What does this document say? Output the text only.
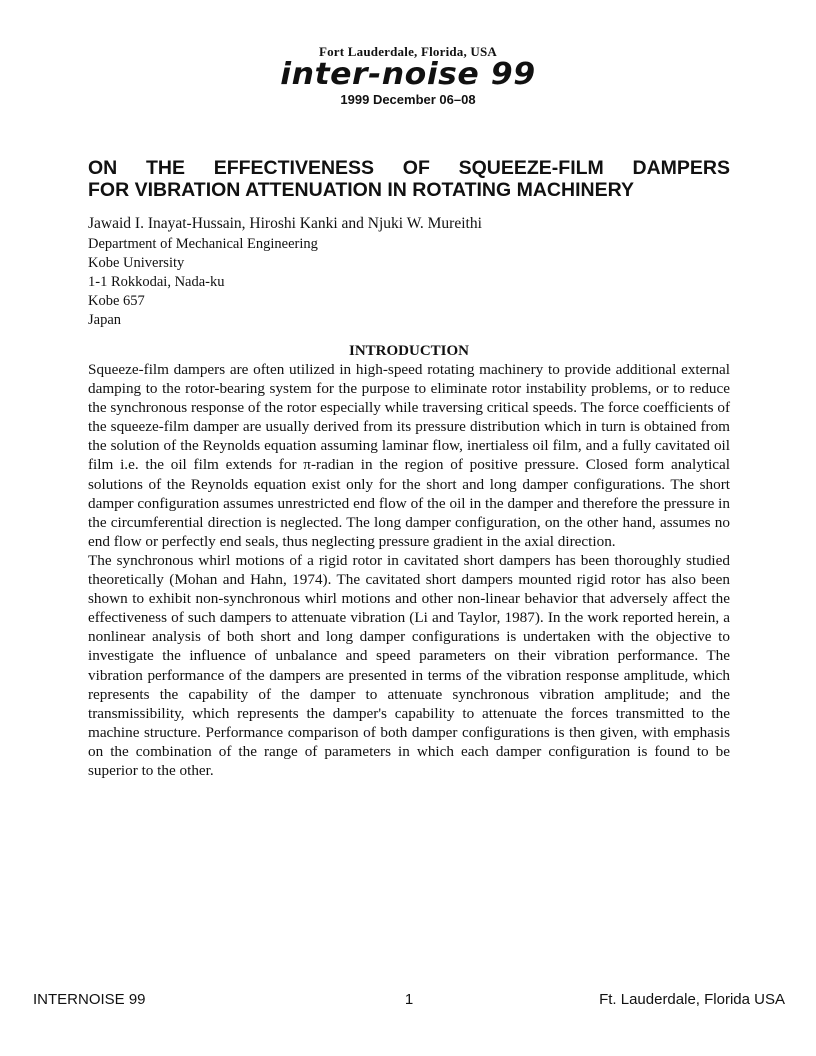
Fort Lauderdale, Florida, USA
inter-noise 99
1999 December 06–08
ON THE EFFECTIVENESS OF SQUEEZE-FILM DAMPERS
FOR VIBRATION ATTENUATION IN ROTATING MACHINERY
Jawaid I. Inayat-Hussain, Hiroshi Kanki and Njuki W. Mureithi
Department of Mechanical Engineering
Kobe University
1-1 Rokkodai, Nada-ku
Kobe 657
Japan
INTRODUCTION

Squeeze-film dampers are often utilized in high-speed rotating machinery to provide additional external damping to the rotor-bearing system for the purpose to eliminate rotor instability problems, or to reduce the synchronous response of the rotor especially while traversing critical speeds. The force coefficients of the squeeze-film damper are usually derived from its pressure distribution which in turn is obtained from the solution of the Reynolds equation assuming laminar flow, inertialess oil film, and a fully cavitated oil film i.e. the oil film extends for π-radian in the region of positive pressure. Closed form analytical solutions of the Reynolds equation exist only for the short and long damper configurations. The short damper configuration assumes unrestricted end flow of the oil in the damper and therefore the pressure in the circumferential direction is neglected. The long damper configuration, on the other hand, assumes no end flow or perfectly end seals, thus neglecting pressure gradient in the axial direction.

The synchronous whirl motions of a rigid rotor in cavitated short dampers has been thoroughly studied theoretically (Mohan and Hahn, 1974). The cavitated short dampers mounted rigid rotor has also been shown to exhibit non-synchronous whirl motions and other non-linear behavior that adversely affect the effectiveness of such dampers to attenuate vibration (Li and Taylor, 1987). In the work reported herein, a nonlinear analysis of both short and long damper configurations is undertaken with the objective to investigate the influence of unbalance and speed parameters on their vibration performance. The vibration performance of the dampers are presented in terms of the vibration response amplitude, which represents the capability of the damper to attenuate synchronous vibration amplitude; and the transmissibility, which represents the damper's capability to attenuate the forces transmitted to the machine structure. Performance comparison of both damper configurations is then given, with emphasis on the combination of the range of parameters in which each damper configuration is found to be superior to the other.

1
INTERNOISE 99	Ft. Lauderdale, Florida USA
